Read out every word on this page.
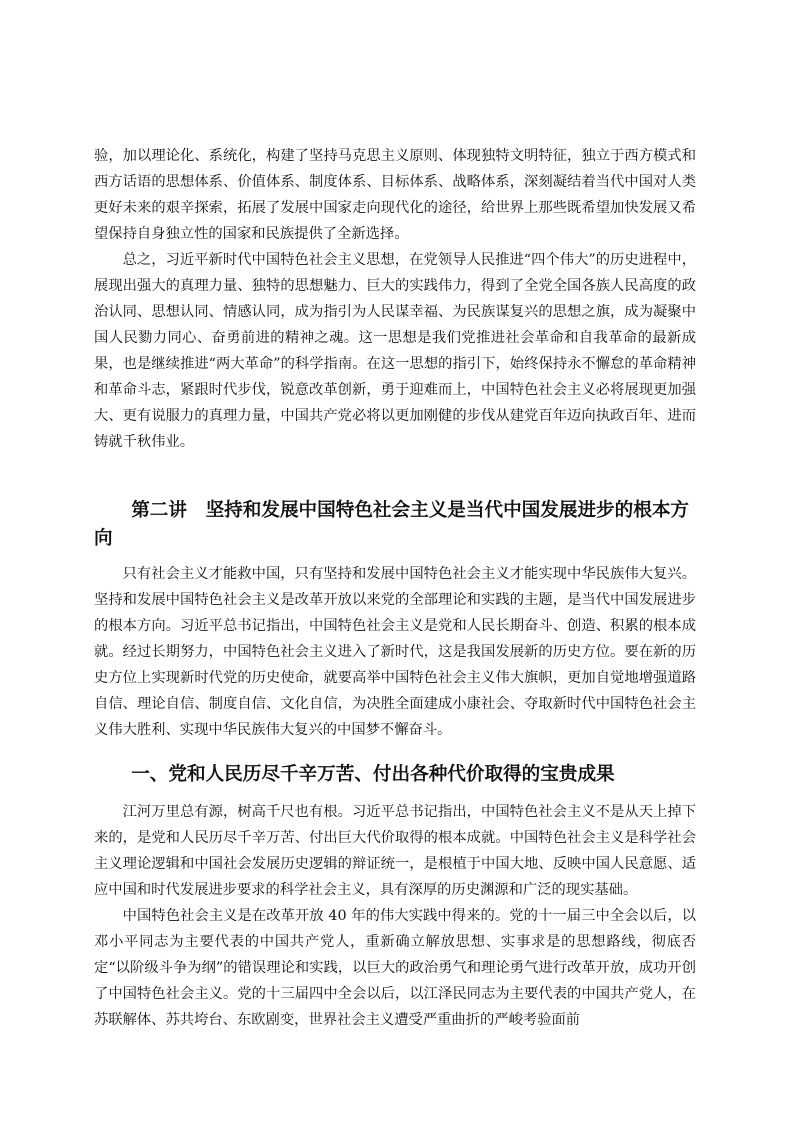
验，加以理论化、系统化，构建了坚持马克思主义原则、体现独特文明特征，独立于西方模式和西方话语的思想体系、价值体系、制度体系、目标体系、战略体系，深刻凝结着当代中国对人类更好未来的艰辛探索，拓展了发展中国家走向现代化的途径，给世界上那些既希望加快发展又希望保持自身独立性的国家和民族提供了全新选择。

总之，习近平新时代中国特色社会主义思想，在党领导人民推进“四个伟大”的历史进程中，展现出强大的真理力量、独特的思想魅力、巨大的实践伟力，得到了全党全国各族人民高度的政治认同、思想认同、情感认同，成为指引为人民谋幸福、为民族谋复兴的思想之旗，成为凝聚中国人民勠力同心、奋勇前进的精神之魂。这一思想是我们党推进社会革命和自我革命的最新成果，也是继续推进“两大革命”的科学指南。在这一思想的指引下，始终保持永不懈怠的革命精神和革命斗志，紧跟时代步伐，锐意改革创新，勇于迎难而上，中国特色社会主义必将展现更加强大、更有说服力的真理力量，中国共产党必将以更加刚健的步伐从建党百年迈向执政百年、进而铸就千秋伟业。

第二讲　坚持和发展中国特色社会主义是当代中国发展进步的根本方向

只有社会主义才能救中国，只有坚持和发展中国特色社会主义才能实现中华民族伟大复兴。坚持和发展中国特色社会主义是改革开放以来党的全部理论和实践的主题，是当代中国发展进步的根本方向。习近平总书记指出，中国特色社会主义是党和人民长期奋斗、创造、积累的根本成就。经过长期努力，中国特色社会主义进入了新时代，这是我国发展新的历史方位。要在新的历史方位上实现新时代党的历史使命，就要高举中国特色社会主义伟大旗帜，更加自觉地增强道路自信、理论自信、制度自信、文化自信，为决胜全面建成小康社会、夺取新时代中国特色社会主义伟大胜利、实现中华民族伟大复兴的中国梦不懈奋斗。

一、党和人民历尽千辛万苦、付出各种代价取得的宝贵成果

江河万里总有源，树高千尺也有根。习近平总书记指出，中国特色社会主义不是从天上掉下来的，是党和人民历尽千辛万苦、付出巨大代价取得的根本成就。中国特色社会主义是科学社会主义理论逻辑和中国社会发展历史逻辑的辩证统一，是根植于中国大地、反映中国人民意愿、适应中国和时代发展进步要求的科学社会主义，具有深厚的历史渊源和广泛的现实基础。

中国特色社会主义是在改革开放 40 年的伟大实践中得来的。党的十一届三中全会以后，以邓小平同志为主要代表的中国共产党人，重新确立解放思想、实事求是的思想路线，彻底否定“以阶级斗争为纲”的错误理论和实践，以巨大的政治勇气和理论勇气进行改革开放，成功开创了中国特色社会主义。党的十三届四中全会以后，以江泽民同志为主要代表的中国共产党人，在苏联解体、苏共垮台、东欧剧变，世界社会主义遭受严重曲折的严峻考验面前
